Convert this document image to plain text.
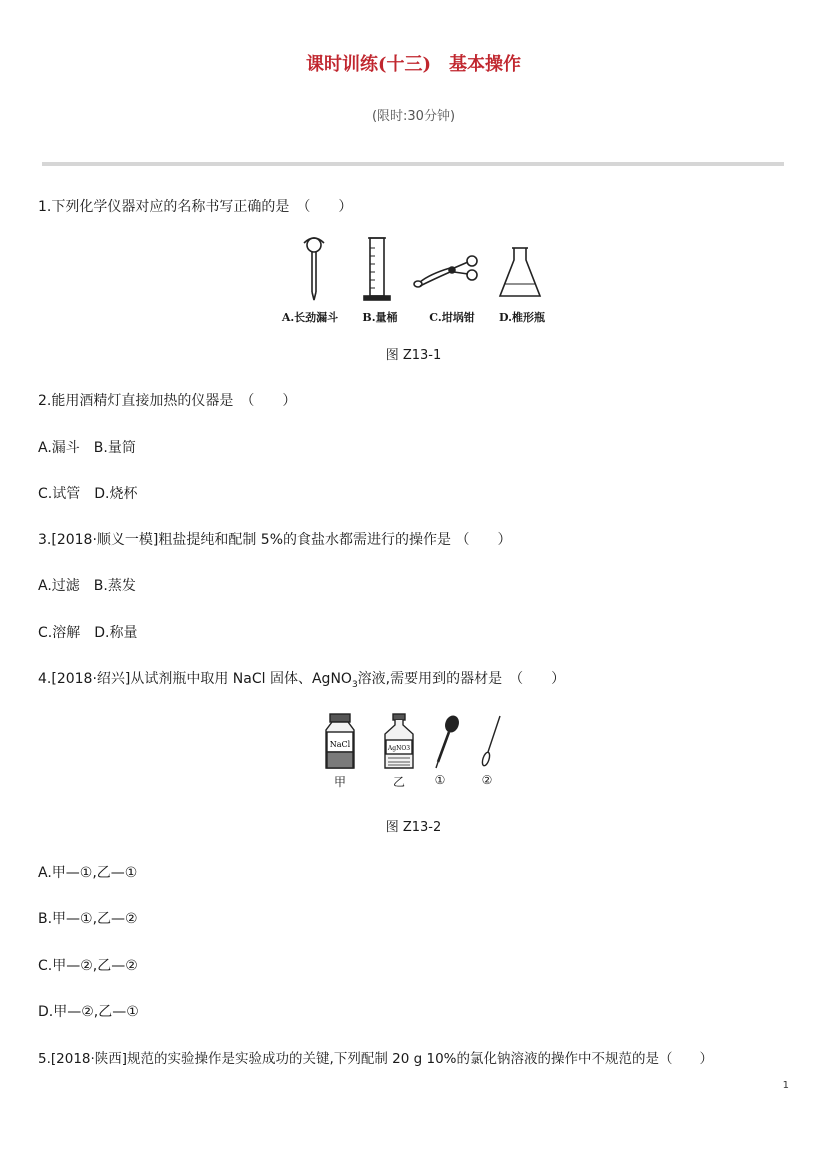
课时训练(十三)　基本操作
(限时:30分钟)
1.下列化学仪器对应的名称书写正确的是　（　　）
A.长劲漏斗 B.量桶	C.坩埚钳 D.椎形瓶
图 Z13-1
2.能用酒精灯直接加热的仪器是　（　　）
A.漏斗　B.量筒
C.试管　D.烧杯
3.[2018·顺义一模]粗盐提纯和配制 5%的食盐水都需进行的操作是 （　　）
A.过滤　B.蒸发
C.溶解　D.称量
4.[2018·绍兴]从试剂瓶中取用 NaCl 固体、AgNO$_3$溶液,需要用到的器材是　（　　）
NaCl	AgNO3
甲	乙 ①	②
图 Z13-2
A.甲—①,乙—①
B.甲—①,乙—②
C.甲—②,乙—②
D.甲—②,乙—①
5.[2018·陕西]规范的实验操作是实验成功的关键,下列配制 20 g 10%的氯化钠溶液的操作中不规范的是（　　）
1
